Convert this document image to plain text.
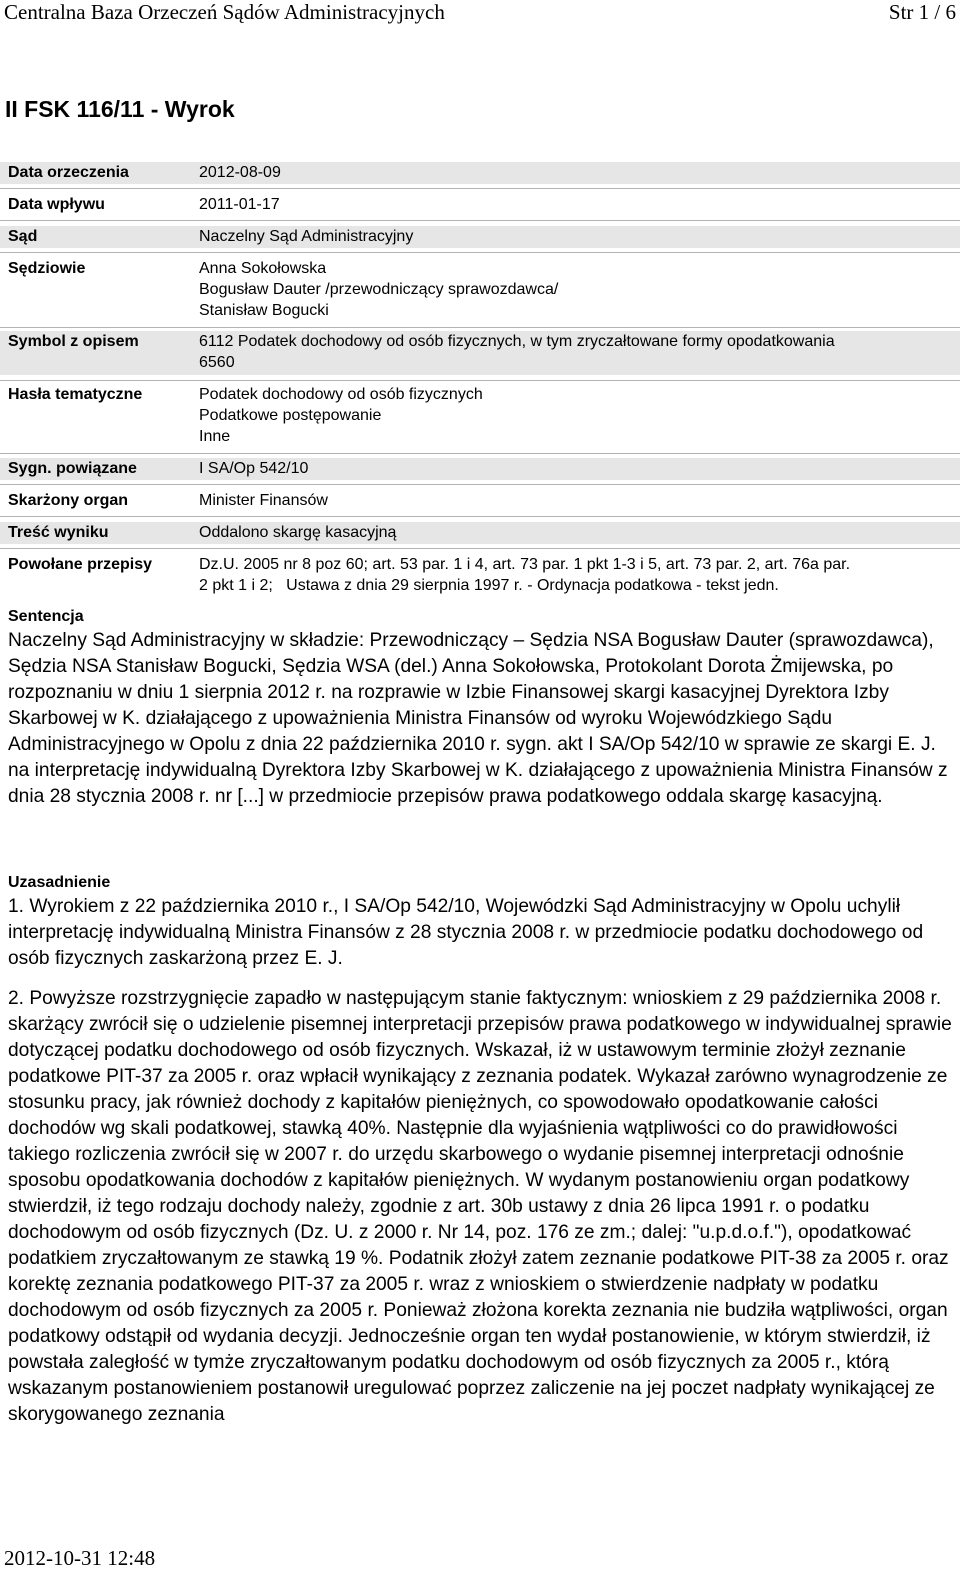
Centralna Baza Orzeczeń Sądów Administracyjnych	Str 1 / 6
II FSK 116/11 - Wyrok
Data orzeczenia	2012-08-09
Data wpływu	2011-01-17
Sąd	Naczelny Sąd Administracyjny
Sędziowie	Anna Sokołowska
Bogusław Dauter /przewodniczący sprawozdawca/
Stanisław Bogucki
Symbol z opisem	6112 Podatek dochodowy od osób fizycznych, w tym zryczałtowane formy opodatkowania
6560
Hasła tematyczne	Podatek dochodowy od osób fizycznych
Podatkowe postępowanie
Inne
Sygn. powiązane	I SA/Op 542/10
Skarżony organ	Minister Finansów
Treść wyniku	Oddalono skargę kasacyjną
Powołane przepisy	Dz.U. 2005 nr 8 poz 60; art. 53 par. 1 i 4, art. 73 par. 1 pkt 1-3 i 5, art. 73 par. 2, art. 76a par.
2 pkt 1 i 2;   Ustawa z dnia 29 sierpnia 1997 r. - Ordynacja podatkowa - tekst jedn.
Sentencja

Naczelny Sąd Administracyjny w składzie: Przewodniczący – Sędzia NSA Bogusław Dauter (sprawozdawca), Sędzia NSA Stanisław Bogucki, Sędzia WSA (del.) Anna Sokołowska, Protokolant Dorota Żmijewska, po rozpoznaniu w dniu 1 sierpnia 2012 r. na rozprawie w Izbie Finansowej skargi kasacyjnej Dyrektora Izby Skarbowej w K. działającego z upoważnienia Ministra Finansów od wyroku Wojewódzkiego Sądu Administracyjnego w Opolu z dnia 22 października 2010 r. sygn. akt I SA/Op 542/10 w sprawie ze skargi E. J. na interpretację indywidualną Dyrektora Izby Skarbowej w K. działającego z upoważnienia Ministra Finansów z dnia 28 stycznia 2008 r. nr [...] w przedmiocie przepisów prawa podatkowego oddala skargę kasacyjną.

Uzasadnienie

1. Wyrokiem z 22 października 2010 r., I SA/Op 542/10, Wojewódzki Sąd Administracyjny w Opolu uchylił interpretację indywidualną Ministra Finansów z 28 stycznia 2008 r. w przedmiocie podatku dochodowego od osób fizycznych zaskarżoną przez E. J.

2. Powyższe rozstrzygnięcie zapadło w następującym stanie faktycznym: wnioskiem z 29 października 2008 r. skarżący zwrócił się o udzielenie pisemnej interpretacji przepisów prawa podatkowego w indywidualnej sprawie dotyczącej podatku dochodowego od osób fizycznych. Wskazał, iż w ustawowym terminie złożył zeznanie podatkowe PIT-37 za 2005 r. oraz wpłacił wynikający z zeznania podatek. Wykazał zarówno wynagrodzenie ze stosunku pracy, jak również dochody z kapitałów pieniężnych, co spowodowało opodatkowanie całości dochodów wg skali podatkowej, stawką 40%. Następnie dla wyjaśnienia wątpliwości co do prawidłowości takiego rozliczenia zwrócił się w 2007 r. do urzędu skarbowego o wydanie pisemnej interpretacji odnośnie sposobu opodatkowania dochodów z kapitałów pieniężnych. W wydanym postanowieniu organ podatkowy stwierdził, iż tego rodzaju dochody należy, zgodnie z art. 30b ustawy z dnia 26 lipca 1991 r. o podatku dochodowym od osób fizycznych (Dz. U. z 2000 r. Nr 14, poz. 176 ze zm.; dalej: "u.p.d.o.f."), opodatkować podatkiem zryczałtowanym ze stawką 19 %. Podatnik złożył zatem zeznanie podatkowe PIT-38 za 2005 r. oraz korektę zeznania podatkowego PIT-37 za 2005 r. wraz z wnioskiem o stwierdzenie nadpłaty w podatku dochodowym od osób fizycznych za 2005 r. Ponieważ złożona korekta zeznania nie budziła wątpliwości, organ podatkowy odstąpił od wydania decyzji. Jednocześnie organ ten wydał postanowienie, w którym stwierdził, iż powstała zaległość w tymże zryczałtowanym podatku dochodowym od osób fizycznych za 2005 r., którą wskazanym postanowieniem postanowił uregulować poprzez zaliczenie na jej poczet nadpłaty wynikającej ze skorygowanego zeznania

2012-10-31 12:48
